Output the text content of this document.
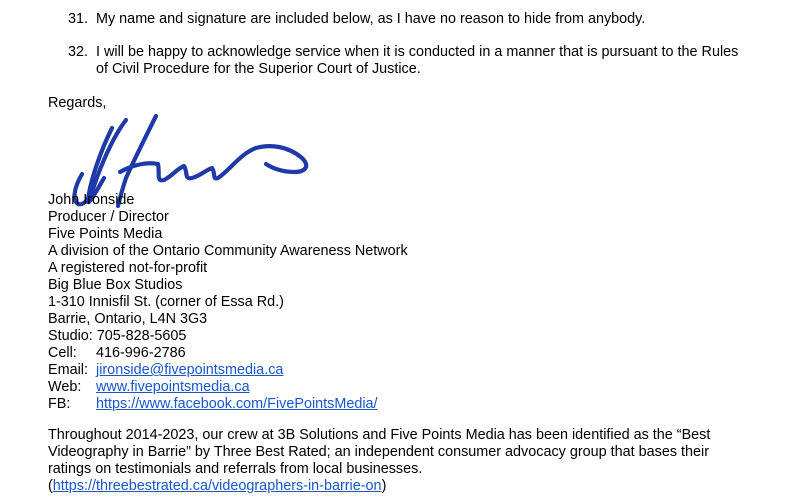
31. My name and signature are included below, as I have no reason to hide from anybody.
32. I will be happy to acknowledge service when it is conducted in a manner that is pursuant to the Rules
of Civil Procedure for the Superior Court of Justice.
Regards,
John Ironside
Producer / Director
Five Points Media
A division of the Ontario Community Awareness Network
A registered not-for-profit
Big Blue Box Studios
1-310 Innisfil St. (corner of Essa Rd.)
Barrie, Ontario, L4N 3G3
Studio: 705-828-5605
Cell: 416-996-2786
Email: jironside@fivepointsmedia.ca
Web: www.fivepointsmedia.ca
FB: https://www.facebook.com/FivePointsMedia/
Throughout 2014-2023, our crew at 3B Solutions and Five Points Media has been identified as the “Best
Videography in Barrie” by Three Best Rated; an independent consumer advocacy group that bases their
ratings on testimonials and referrals from local businesses.
(https://threebestrated.ca/videographers-in-barrie-on)
